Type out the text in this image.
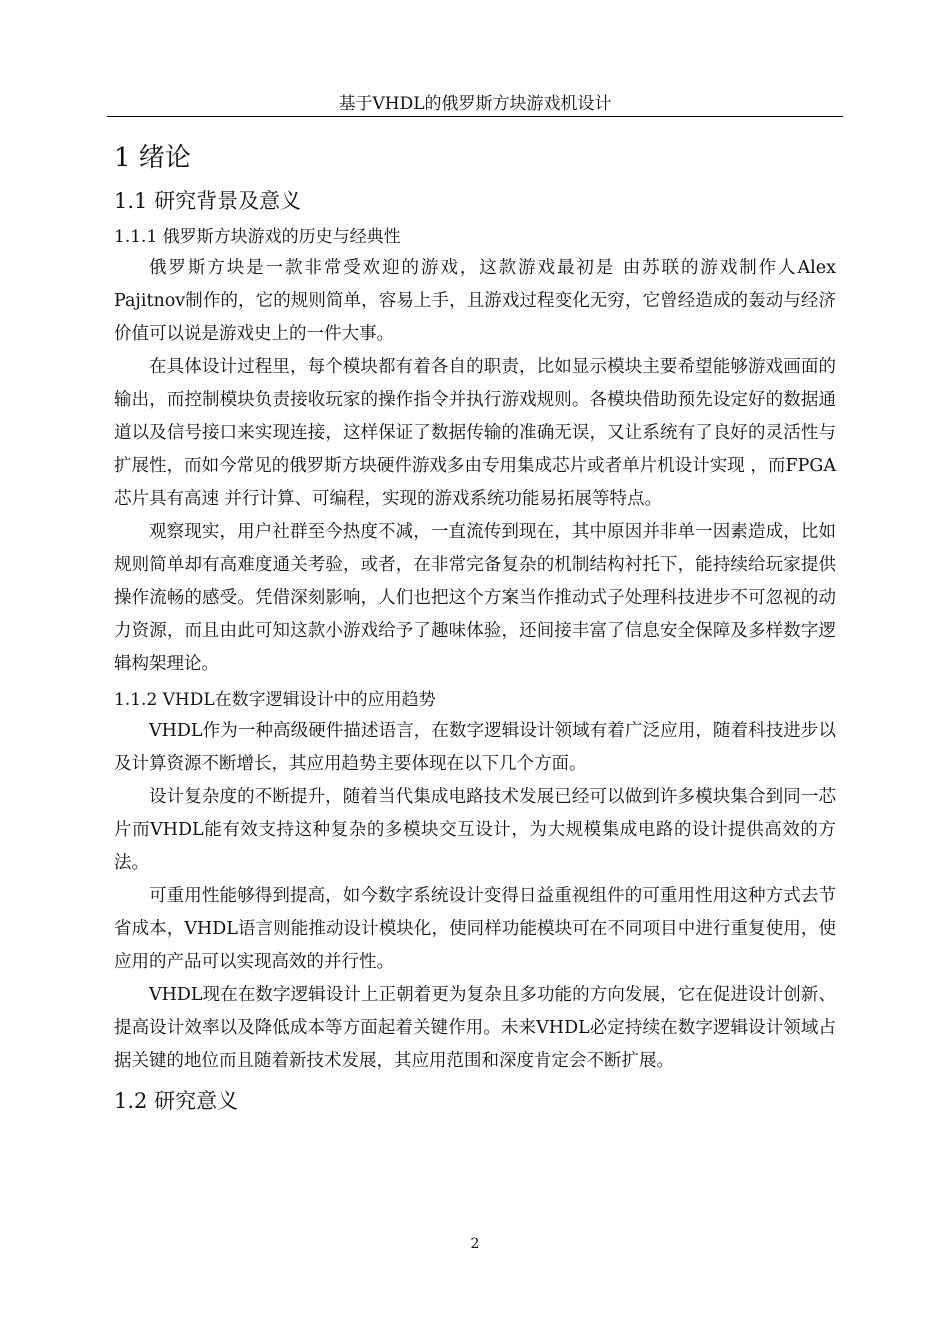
基于VHDL的俄罗斯方块游戏机设计
1 绪论
1.1 研究背景及意义
1.1.1 俄罗斯方块游戏的历史与经典性

俄罗斯方块是一款非常受欢迎的游戏，这款游戏最初是 由苏联的游戏制作人Alex Pajitnov制作的，它的规则简单，容易上手，且游戏过程变化无穷，它曾经造成的轰动与经济价值可以说是游戏史上的一件大事。

在具体设计过程里，每个模块都有着各自的职责，比如显示模块主要希望能够游戏画面的输出，而控制模块负责接收玩家的操作指令并执行游戏规则。各模块借助预先设定好的数据通道以及信号接口来实现连接，这样保证了数据传输的准确无误，又让系统有了良好的灵活性与扩展性，而如今常见的俄罗斯方块硬件游戏多由专用集成芯片或者单片机设计实现 ，而FPGA芯片具有高速 并行计算、可编程，实现的游戏系统功能易拓展等特点。

观察现实，用户社群至今热度不减，一直流传到现在，其中原因并非单一因素造成，比如规则简单却有高难度通关考验，或者，在非常完备复杂的机制结构衬托下，能持续给玩家提供操作流畅的感受。凭借深刻影响，人们也把这个方案当作推动式子处理科技进步不可忽视的动力资源，而且由此可知这款小游戏给予了趣味体验，还间接丰富了信息安全保障及多样数字逻辑构架理论。

1.1.2 VHDL在数字逻辑设计中的应用趋势

VHDL作为一种高级硬件描述语言，在数字逻辑设计领域有着广泛应用，随着科技进步以及计算资源不断增长，其应用趋势主要体现在以下几个方面。

设计复杂度的不断提升，随着当代集成电路技术发展已经可以做到许多模块集合到同一芯片而VHDL能有效支持这种复杂的多模块交互设计，为大规模集成电路的设计提供高效的方法。

可重用性能够得到提高，如今数字系统设计变得日益重视组件的可重用性用这种方式去节省成本，VHDL语言则能推动设计模块化，使同样功能模块可在不同项目中进行重复使用，使应用的产品可以实现高效的并行性。

VHDL现在在数字逻辑设计上正朝着更为复杂且多功能的方向发展，它在促进设计创新、提高设计效率以及降低成本等方面起着关键作用。未来VHDL必定持续在数字逻辑设计领域占据关键的地位而且随着新技术发展，其应用范围和深度肯定会不断扩展。

1.2 研究意义
2
